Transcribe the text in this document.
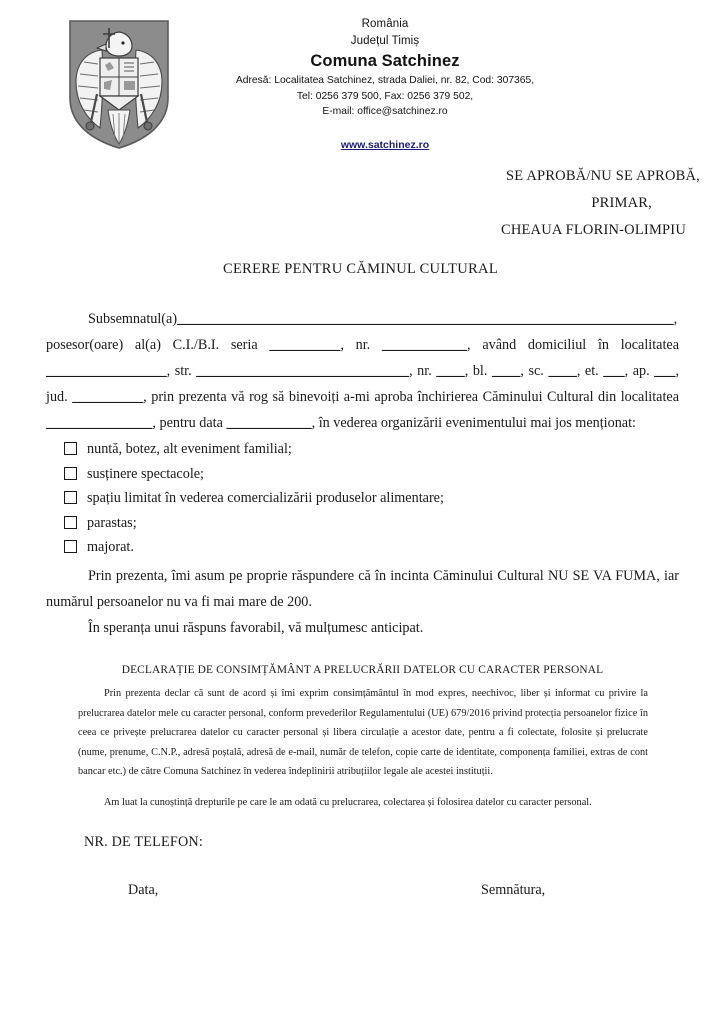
România
Județul Timiș
Comuna Satchinez
Adresă: Localitatea Satchinez, strada Daliei, nr. 82, Cod: 307365,
Tel: 0256 379 500, Fax: 0256 379 502,
E-mail: office@satchinez.ro
www.satchinez.ro
SE APROBĂ/NU SE APROBĂ,
PRIMAR,
CHEAUA FLORIN-OLIMPIU
CERERE PENTRU CĂMINUL CULTURAL

Subsemnatul(a)______________________________________________________________________, posesor(oare) al(a) C.I./B.I. seria __________, nr. ____________, având domiciliul în localitatea _________________, str. ______________________________, nr. ____, bl. ____, sc. ____, et. ___, ap. ___, jud. __________, prin prezenta vă rog să binevoiți a-mi aproba închirierea Căminului Cultural din localitatea _______________, pentru data ____________, în vederea organizării evenimentului mai jos menționat:

nuntă, botez, alt eveniment familial;
susținere spectacole;
spațiu limitat în vederea comercializării produselor alimentare;
parastas;
majorat.

Prin prezenta, îmi asum pe proprie răspundere că în incinta Căminului Cultural NU SE VA FUMA, iar numărul persoanelor nu va fi mai mare de 200.

În speranța unui răspuns favorabil, vă mulțumesc anticipat.

DECLARAȚIE DE CONSIMȚĂMÂNT A PRELUCRĂRII DATELOR CU CARACTER PERSONAL

Prin prezenta declar că sunt de acord și îmi exprim consimțământul în mod expres, neechivoc, liber și informat cu privire la prelucrarea datelor mele cu caracter personal, conform prevederilor Regulamentului (UE) 679/2016 privind protecția persoanelor fizice în ceea ce privește prelucrarea datelor cu caracter personal și libera circulație a acestor date, pentru a fi colectate, folosite și prelucrate (nume, prenume, C.N.P., adresă poștală, adresă de e-mail, număr de telefon, copie carte de identitate, componența familiei, extras de cont bancar etc.) de către Comuna Satchinez în vederea îndeplinirii atribuțiilor legale ale acestei instituții.

Am luat la cunoștință drepturile pe care le am odată cu prelucrarea, colectarea și folosirea datelor cu caracter personal.

NR. DE TELEFON:
Data,	Semnătura,
